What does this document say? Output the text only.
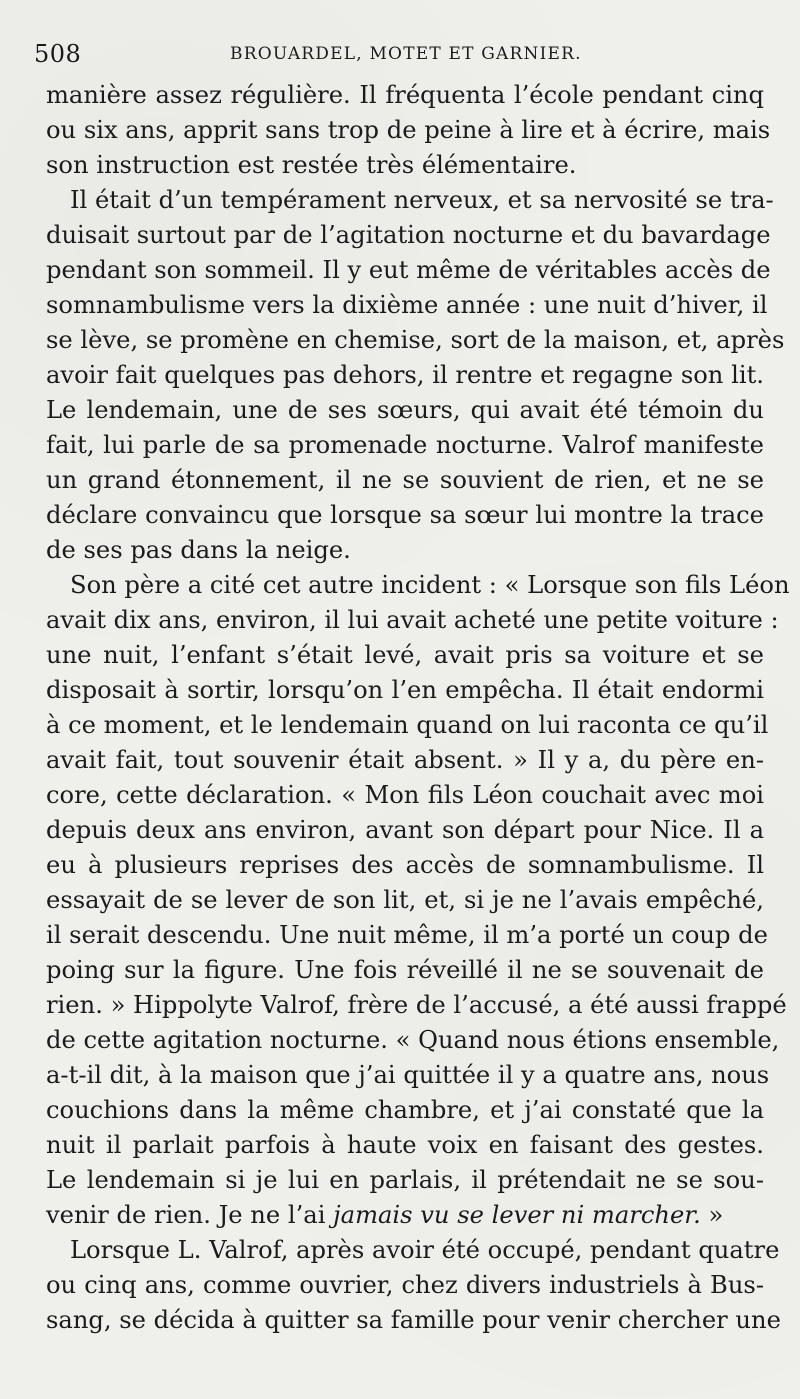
508	BROUARDEL, MOTET ET GARNIER.
manière assez régulière. Il fréquenta l’école pendant cinq
ou six ans, apprit sans trop de peine à lire et à écrire, mais
son instruction est restée très élémentaire.
Il était d’un tempérament nerveux, et sa nervosité se tra-
duisait surtout par de l’agitation nocturne et du bavardage
pendant son sommeil. Il y eut même de véritables accès de
somnambulisme vers la dixième année : une nuit d’hiver, il
se lève, se promène en chemise, sort de la maison, et, après
avoir fait quelques pas dehors, il rentre et regagne son lit.
Le lendemain, une de ses sœurs, qui avait été témoin du
fait, lui parle de sa promenade nocturne. Valrof manifeste
un grand étonnement, il ne se souvient de rien, et ne se
déclare convaincu que lorsque sa sœur lui montre la trace
de ses pas dans la neige.
Son père a cité cet autre incident : « Lorsque son fils Léon
avait dix ans, environ, il lui avait acheté une petite voiture :
une nuit, l’enfant s’était levé, avait pris sa voiture et se
disposait à sortir, lorsqu’on l’en empêcha. Il était endormi
à ce moment, et le lendemain quand on lui raconta ce qu’il
avait fait, tout souvenir était absent. » Il y a, du père en-
core, cette déclaration. « Mon fils Léon couchait avec moi
depuis deux ans environ, avant son départ pour Nice. Il a
eu à plusieurs reprises des accès de somnambulisme. Il
essayait de se lever de son lit, et, si je ne l’avais empêché,
il serait descendu. Une nuit même, il m’a porté un coup de
poing sur la figure. Une fois réveillé il ne se souvenait de
rien. » Hippolyte Valrof, frère de l’accusé, a été aussi frappé
de cette agitation nocturne. « Quand nous étions ensemble,
a-t-il dit, à la maison que j’ai quittée il y a quatre ans, nous
couchions dans la même chambre, et j’ai constaté que la
nuit il parlait parfois à haute voix en faisant des gestes.
Le lendemain si je lui en parlais, il prétendait ne se sou-
venir de rien. Je ne l’ai jamais vu se lever ni marcher. »
Lorsque L. Valrof, après avoir été occupé, pendant quatre
ou cinq ans, comme ouvrier, chez divers industriels à Bus-
sang, se décida à quitter sa famille pour venir chercher une
